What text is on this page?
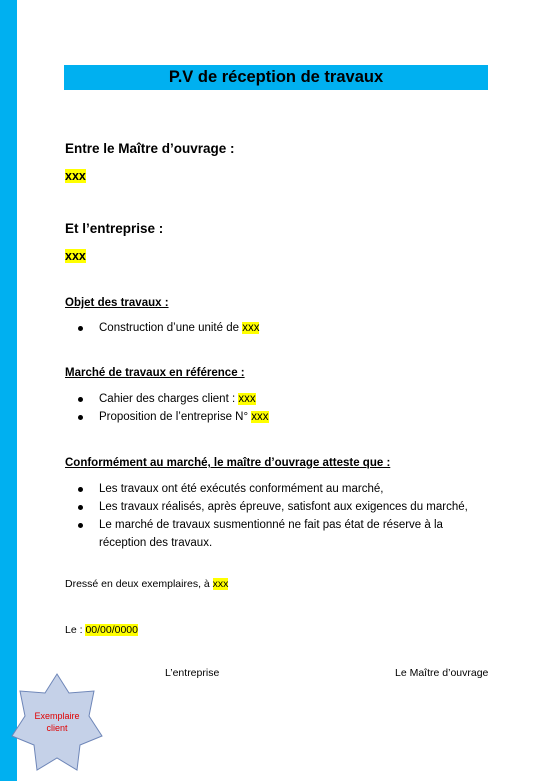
P.V de réception de travaux
Entre le Maître d’ouvrage :
xxx
Et l’entreprise :
xxx
Objet des travaux :
Construction d’une unité de xxx
Marché de travaux en référence :
Cahier des charges client : xxx
Proposition de l’entreprise N° xxx
Conformément au marché, le maître d’ouvrage atteste que :
Les travaux ont été exécutés conformément au marché,
Les travaux réalisés, après épreuve, satisfont aux exigences du marché,
Le marché de travaux susmentionné ne fait pas état de réserve à la
réception des travaux.
Dressé en deux exemplaires, à xxx
Le : 00/00/0000
L’entreprise	Le Maître d’ouvrage
Exemplaire
client
